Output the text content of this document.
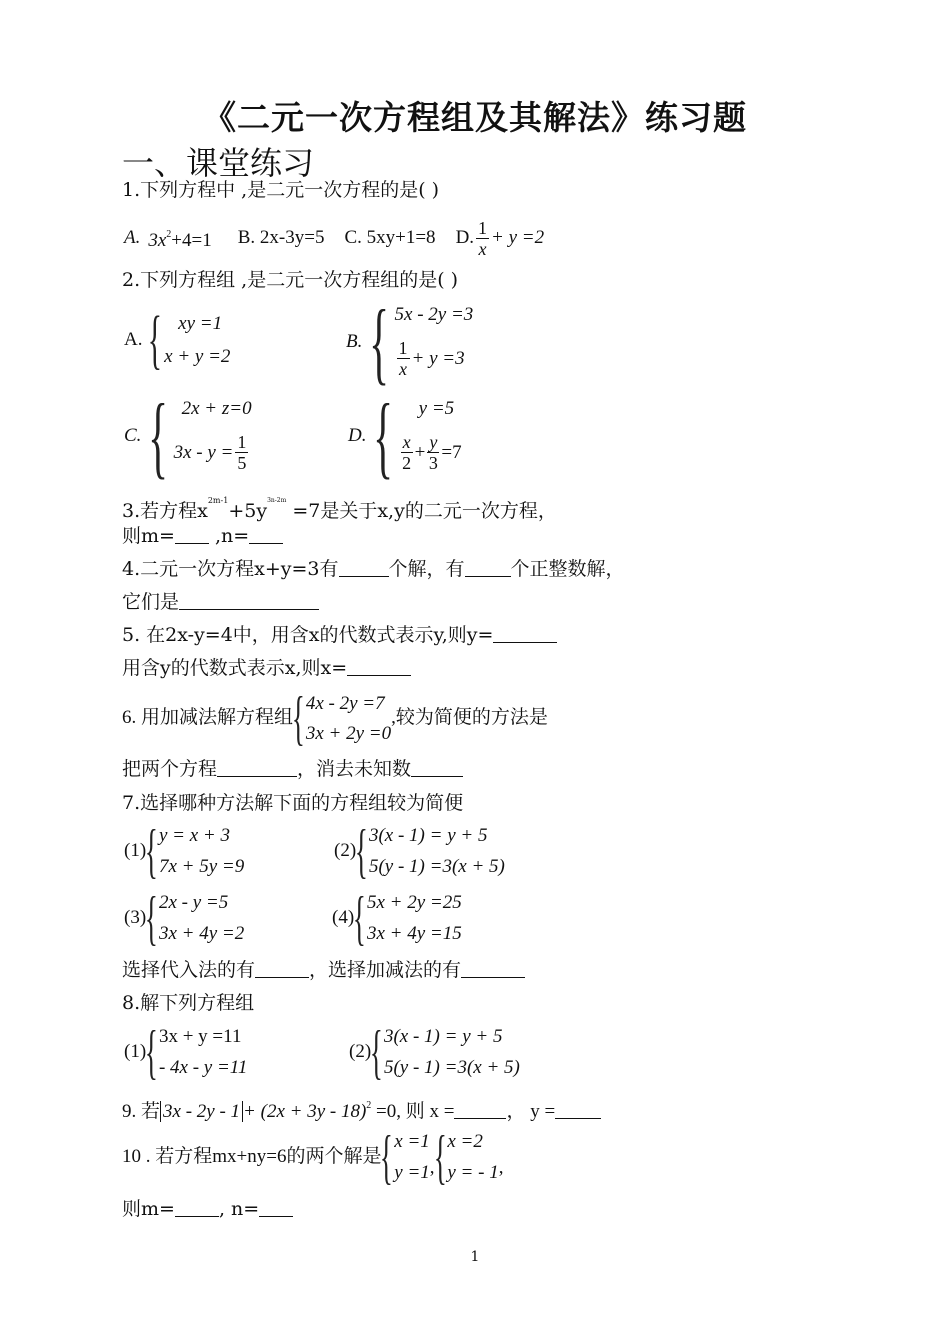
《二元一次方程组及其解法》练习题
一、课堂练习
1.下列方程中 ,是二元一次方程的是( )
A. $3x^2+4=1$ B. 2x-3y=5 C. 5xy+1=8 D. $\frac{1}{x} + y =2$
2.下列方程组 ,是二元一次方程组的是( )
A. { xy =1
x + y =2
B. { 5x - 2y =3
$\frac{1}{x} + y =3$
C. { 2x + z=0
$3x - y = \frac{1}{5}$	D. {	y =5
$\frac{x}{2} + \frac{y}{3} =7$
3.若方程$x^{2m-1}+5y^{3n-2m} =7$是关于x,y的二元一次方程，
则m= ,n=
4.二元一次方程x+y=3有	个解，有 个正整数解，
它们是
5. 在2x-y=4中，用含x的代数式表示y,则y=
用含y的代数式表示x,则x=
6. 用加减法解方程组
{ 4x - 2y =7
3x + 2y =0
,较为简便的方法是
把两个方程	，消去未知数
7.选择哪种方法解下面的方程组较为简便
(1)
{ y = x + 3
7x + 5y =9
(2)
{ 3(x - 1) = y + 5
5(y - 1) =3(x + 5)
(3)
{ 2x - y =5
3x + 4y =2
(4)
{ 5x + 2y =25
3x + 4y =15
选择代入法的有	，选择加减法的有
8.解下列方程组
(1)
{ 3x + y =11
- 4x - y =11
(2)
{ 3(x - 1) = y + 5
5(y - 1) =3(x + 5)
9. 若 $3x - 2y - 1 + (2x + 3y - 18)^2 =0$, 则 x =	， y =
10 . 若方程mx+ny=6的两个解是
{ x =1
y =1 ,
{ x =2
y = - 1 ,
则m= , n=
1
